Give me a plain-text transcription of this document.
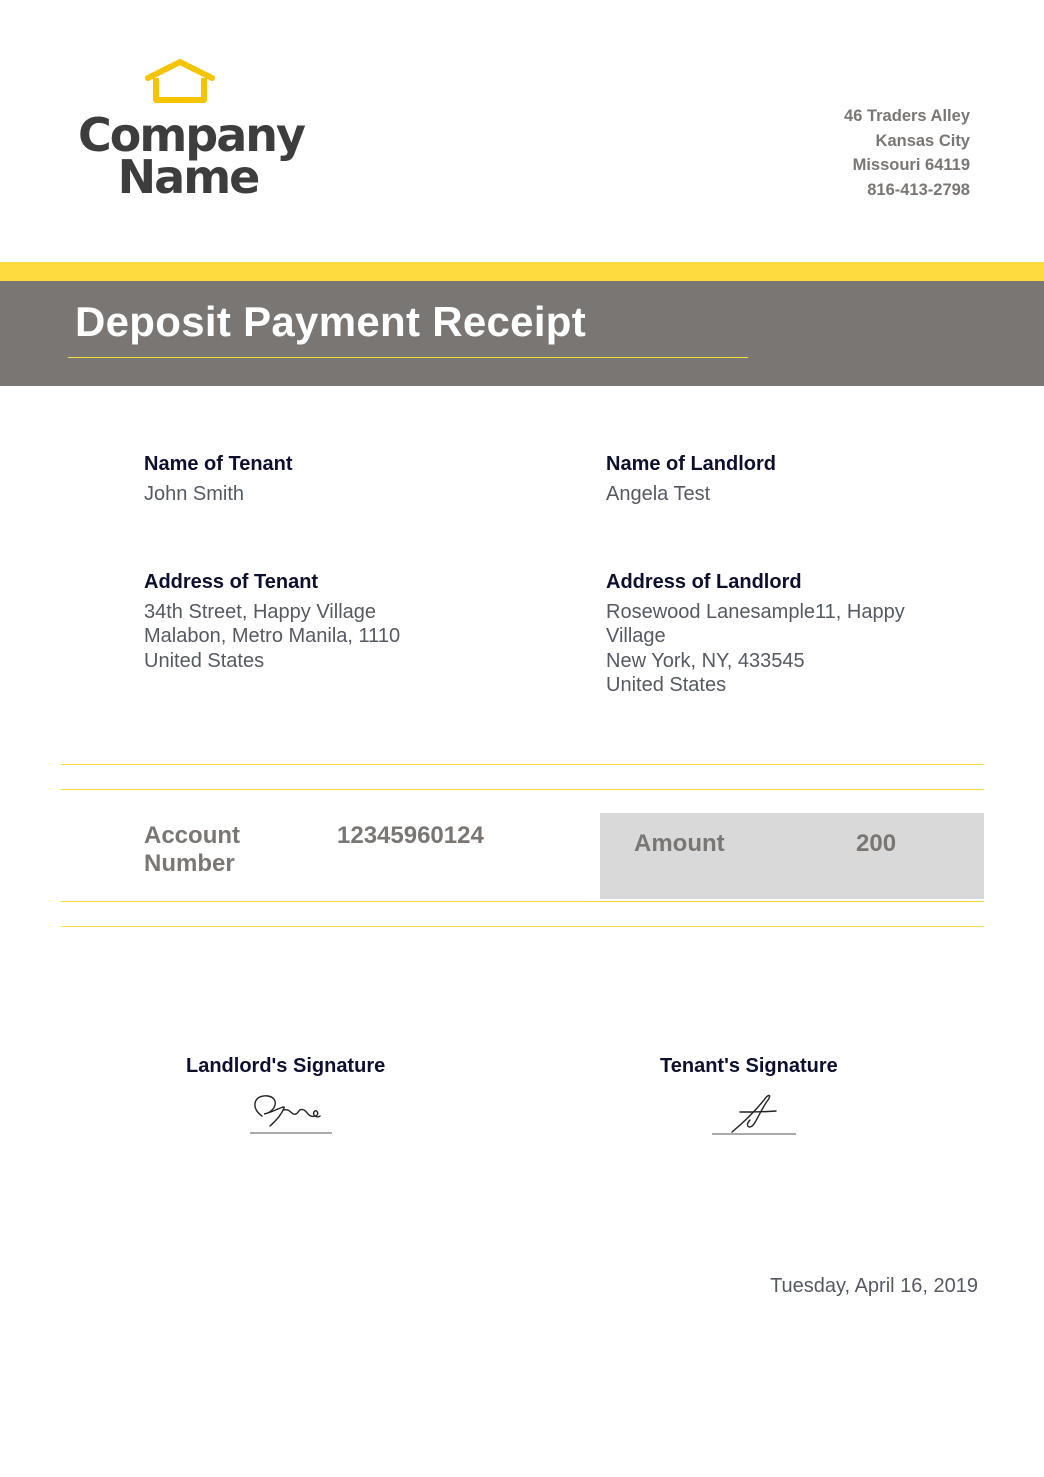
Company
Name
46 Traders Alley
Kansas City
Missouri 64119
816-413-2798
Deposit Payment Receipt
Name of Tenant
John Smith
Name of Landlord
Angela Test
Address of Tenant
34th Street, Happy Village
Malabon, Metro Manila, 1110
United States
Address of Landlord
Rosewood Lanesample11, Happy
Village
New York, NY, 433545
United States
Account
Number
12345960124	Amount	200
Landlord's Signature	Tenant's Signature
Tuesday, April 16, 2019
